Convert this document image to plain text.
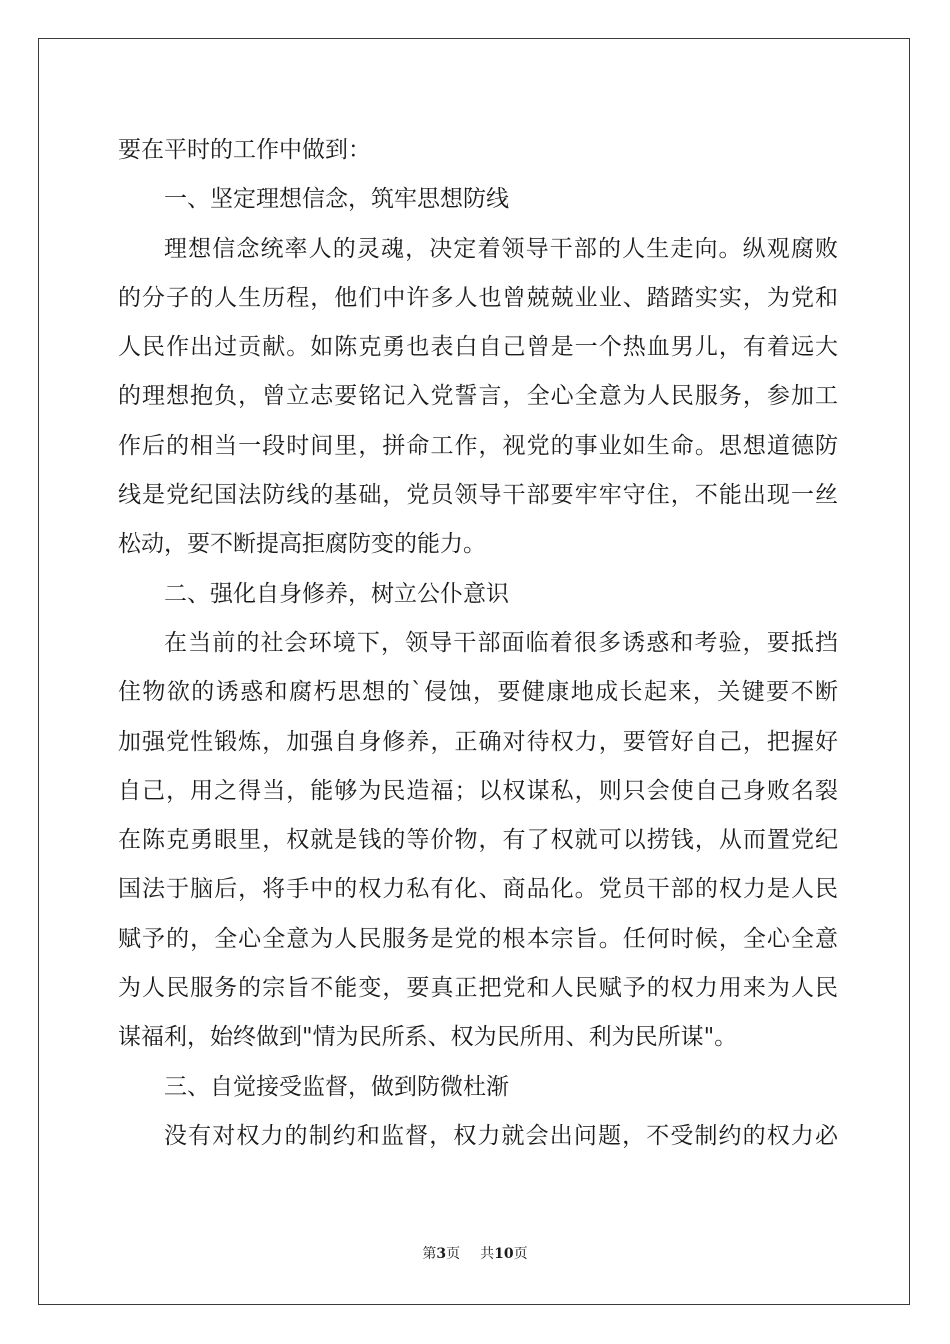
要在平时的工作中做到：
一、坚定理想信念，筑牢思想防线
理想信念统率人的灵魂，决定着领导干部的人生走向。纵观腐败
的分子的人生历程，他们中许多人也曾兢兢业业、踏踏实实，为党和
人民作出过贡献。如陈克勇也表白自己曾是一个热血男儿，有着远大
的理想抱负，曾立志要铭记入党誓言，全心全意为人民服务，参加工
作后的相当一段时间里，拼命工作，视党的事业如生命。思想道德防
线是党纪国法防线的基础，党员领导干部要牢牢守住，不能出现一丝
松动，要不断提高拒腐防变的能力。
二、强化自身修养，树立公仆意识
在当前的社会环境下，领导干部面临着很多诱惑和考验，要抵挡
住物欲的诱惑和腐朽思想的`侵蚀，要健康地成长起来，关键要不断
加强党性锻炼，加强自身修养，正确对待权力，要管好自己，把握好
自己，用之得当，能够为民造福；以权谋私，则只会使自己身败名裂
在陈克勇眼里，权就是钱的等价物，有了权就可以捞钱，从而置党纪
国法于脑后，将手中的权力私有化、商品化。党员干部的权力是人民
赋予的，全心全意为人民服务是党的根本宗旨。任何时候，全心全意
为人民服务的宗旨不能变，要真正把党和人民赋予的权力用来为人民
谋福利，始终做到"情为民所系、权为民所用、利为民所谋"。
三、自觉接受监督，做到防微杜渐
没有对权力的制约和监督，权力就会出问题，不受制约的权力必
第3页 共10页
